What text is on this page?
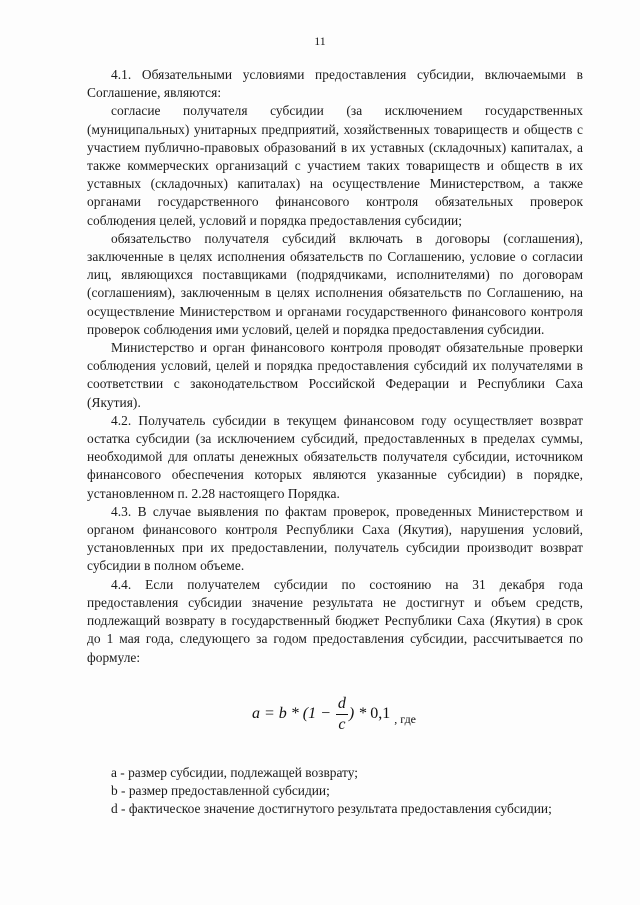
11

4.1. Обязательными условиями предоставления субсидии, включаемыми в Соглашение, являются:

согласие получателя субсидии (за исключением государственных (муниципальных) унитарных предприятий, хозяйственных товариществ и обществ с участием публично-правовых образований в их уставных (складочных) капиталах, а также коммерческих организаций с участием таких товариществ и обществ в их уставных (складочных) капиталах) на осуществление Министерством, а также органами государственного финансового контроля обязательных проверок соблюдения целей, условий и порядка предоставления субсидии;

обязательство получателя субсидий включать в договоры (соглашения), заключенные в целях исполнения обязательств по Соглашению, условие о согласии лиц, являющихся поставщиками (подрядчиками, исполнителями) по договорам (соглашениям), заключенным в целях исполнения обязательств по Соглашению, на осуществление Министерством и органами государственного финансового контроля проверок соблюдения ими условий, целей и порядка предоставления субсидии.

Министерство и орган финансового контроля проводят обязательные проверки соблюдения условий, целей и порядка предоставления субсидий их получателями в соответствии с законодательством Российской Федерации и Республики Саха (Якутия).

4.2. Получатель субсидии в текущем финансовом году осуществляет возврат остатка субсидии (за исключением субсидий, предоставленных в пределах суммы, необходимой для оплаты денежных обязательств получателя субсидии, источником финансового обеспечения которых являются указанные субсидии) в порядке, установленном п. 2.28 настоящего Порядка.

4.3. В случае выявления по фактам проверок, проведенных Министерством и органом финансового контроля Республики Саха (Якутия), нарушения условий, установленных при их предоставлении, получатель субсидии производит возврат субсидии в полном объеме.

4.4. Если получателем субсидии по состоянию на 31 декабря года предоставления субсидии значение результата не достигнут и объем средств, подлежащий возврату в государственный бюджет Республики Саха (Якутия) в срок до 1 мая года, следующего за годом предоставления субсидии, рассчитывается по формуле:

$a = b * (1 - \frac{d}{c}$ ) * 0,1 , где

а - размер субсидии, подлежащей возврату;

b - размер предоставленной субсидии;

d - фактическое значение достигнутого результата предоставления субсидии;
